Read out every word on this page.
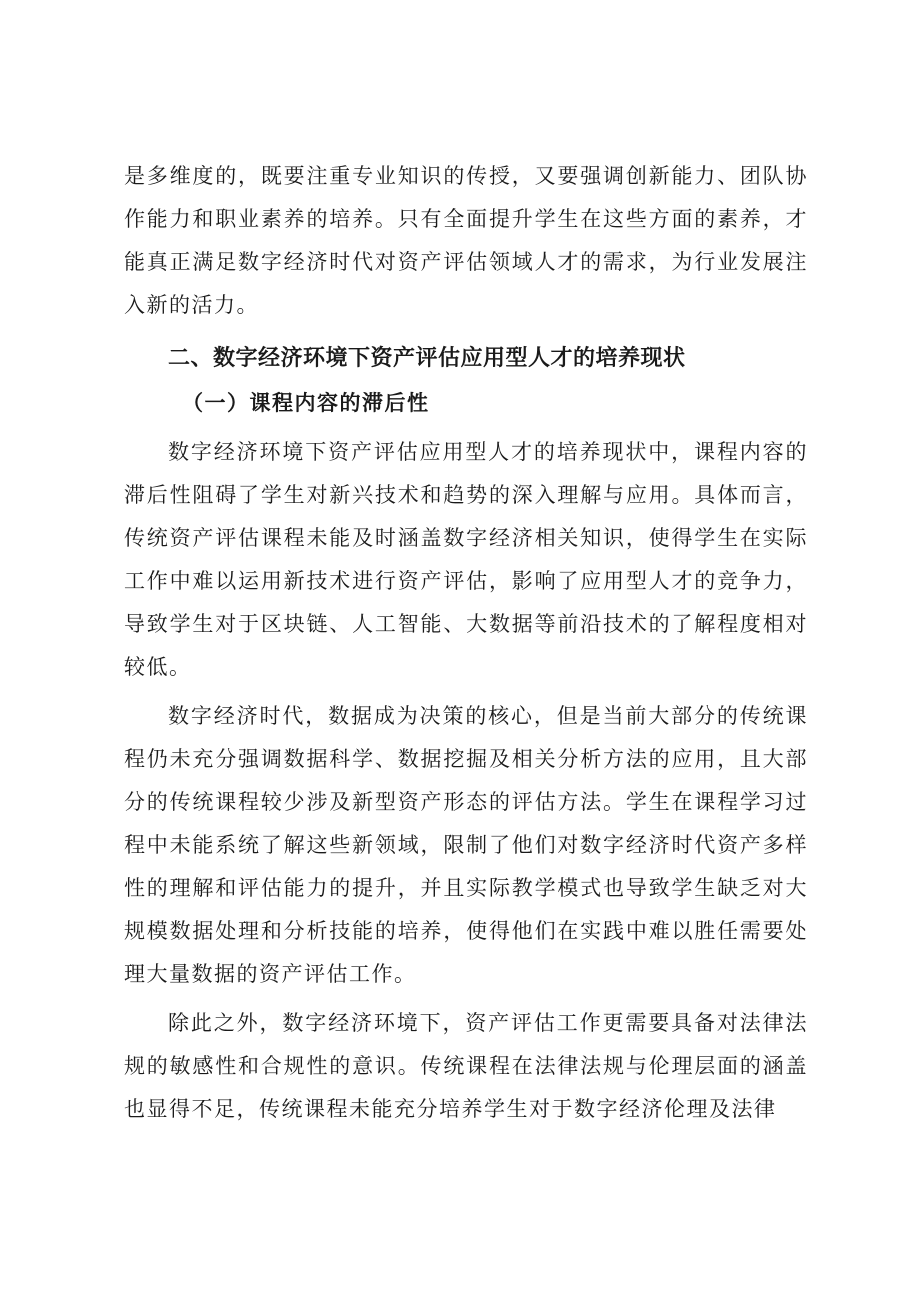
是多维度的，既要注重专业知识的传授，又要强调创新能力、团队协作能力和职业素养的培养。只有全面提升学生在这些方面的素养，才能真正满足数字经济时代对资产评估领域人才的需求，为行业发展注入新的活力。

二、数字经济环境下资产评估应用型人才的培养现状
（一）课程内容的滞后性

数字经济环境下资产评估应用型人才的培养现状中，课程内容的滞后性阻碍了学生对新兴技术和趋势的深入理解与应用。具体而言，传统资产评估课程未能及时涵盖数字经济相关知识，使得学生在实际工作中难以运用新技术进行资产评估，影响了应用型人才的竞争力，导致学生对于区块链、人工智能、大数据等前沿技术的了解程度相对较低。

数字经济时代，数据成为决策的核心，但是当前大部分的传统课程仍未充分强调数据科学、数据挖掘及相关分析方法的应用，且大部分的传统课程较少涉及新型资产形态的评估方法。学生在课程学习过程中未能系统了解这些新领域，限制了他们对数字经济时代资产多样性的理解和评估能力的提升，并且实际教学模式也导致学生缺乏对大规模数据处理和分析技能的培养，使得他们在实践中难以胜任需要处理大量数据的资产评估工作。

除此之外，数字经济环境下，资产评估工作更需要具备对法律法规的敏感性和合规性的意识。传统课程在法律法规与伦理层面的涵盖也显得不足，传统课程未能充分培养学生对于数字经济伦理及法律
